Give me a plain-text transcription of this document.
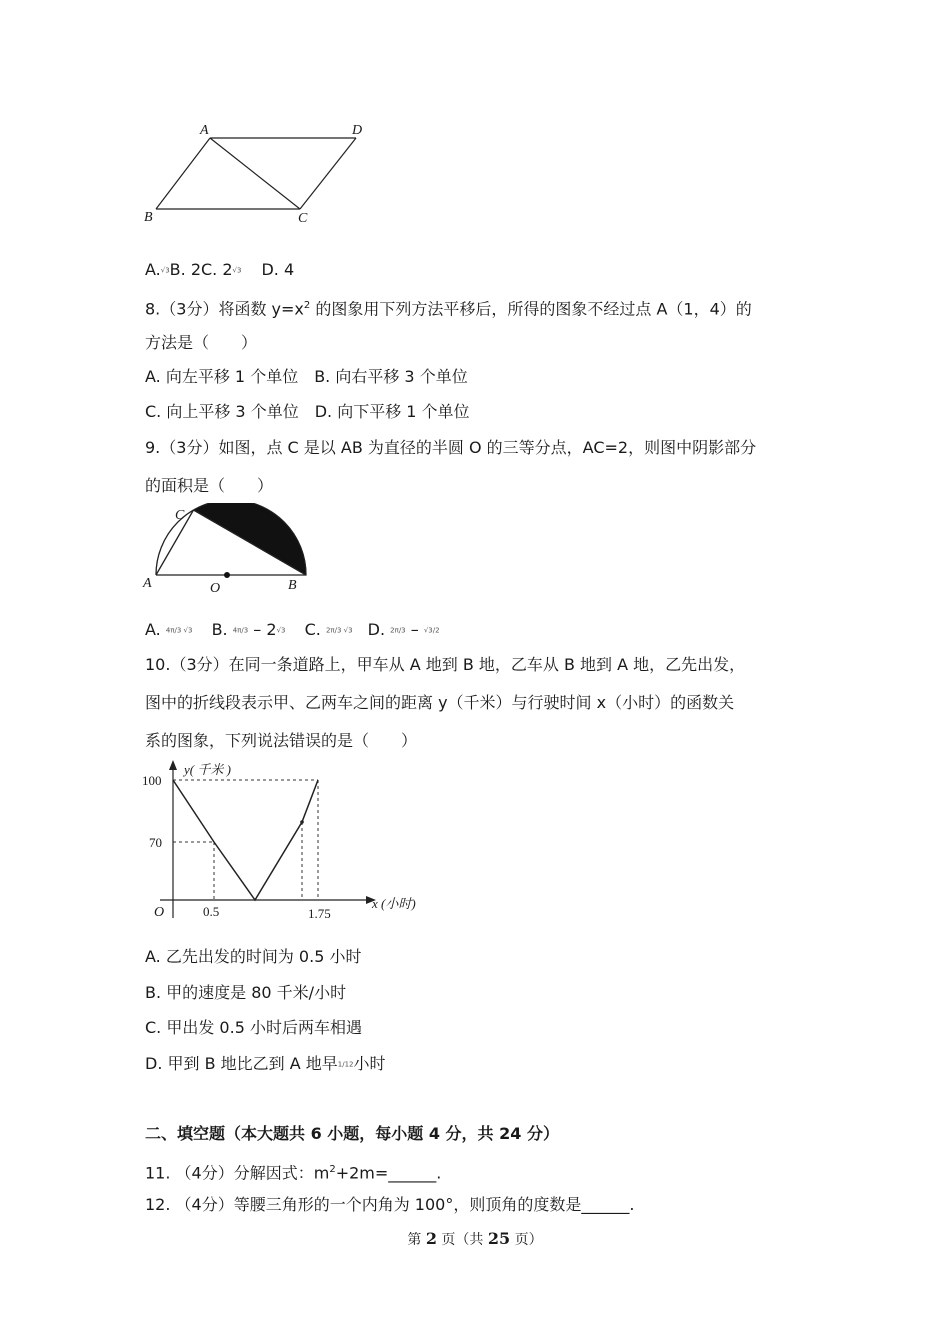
A	D
B	C
A.√3B. 2C. 2√3 D. 4
8.（3分）将函数 $y=x^2$ 的图象用下列方法平移后，所得的图象不经过点 A（1，4）的
方法是（　　）
A. 向左平移 1 个单位　B. 向右平移 3 个单位
C. 向上平移 3 个单位　D. 向下平移 1 个单位
9.（3分）如图，点 C 是以 AB 为直径的半圆 O 的三等分点，AC=2，则图中阴影部分
的面积是（　　）
C
A	O	B
A. 4π/3 √3 B. 4π/3 – 2√3 C. 2π/3 √3 D. 2π/3 – √3/2
10.（3分）在同一条道路上，甲车从 A 地到 B 地，乙车从 B 地到 A 地，乙先出发，
图中的折线段表示甲、乙两车之间的距离 y（千米）与行驶时间 x（小时）的函数关
系的图象，下列说法错误的是（　　）
y( 千米 )
x (小时)
O
100
70
0.5	1.75
A. 乙先出发的时间为 0.5 小时
B. 甲的速度是 80 千米/小时
C. 甲出发 0.5 小时后两车相遇
D. 甲到 B 地比乙到 A 地早1/12小时
二、填空题（本大题共 6 小题，每小题 4 分，共 24 分）
11. （4分）分解因式：$m^2+2m=\_\_\_\_\_\_$.
12. （4分）等腰三角形的一个内角为 100°，则顶角的度数是______.
第 2 页（共 25 页）
